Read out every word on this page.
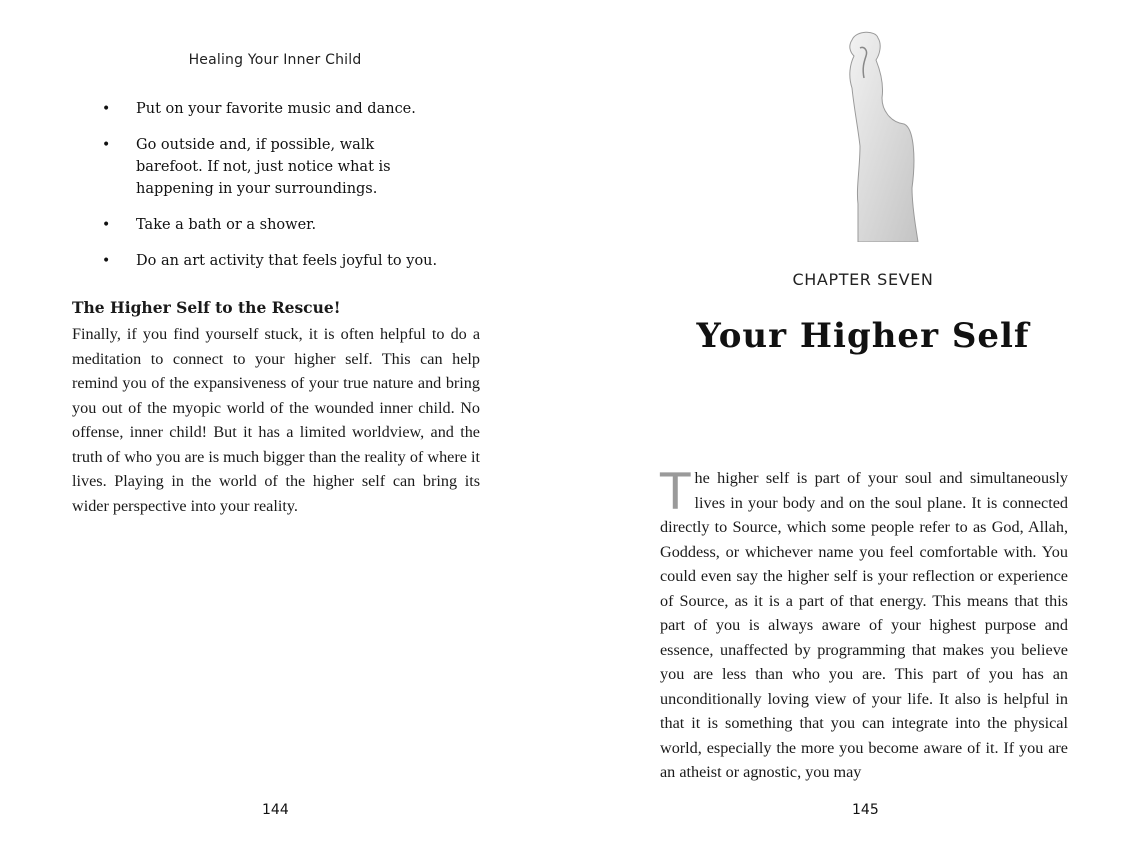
Healing Your Inner Child
• Put on your favorite music and dance.
• Go outside and, if possible, walk barefoot. If not, just notice what is happening in your surroundings.
• Take a bath or a shower.
• Do an art activity that feels joyful to you.
The Higher Self to the Rescue!

Finally, if you find yourself stuck, it is often helpful to do a meditation to connect to your higher self. This can help remind you of the expansiveness of your true nature and bring you out of the myopic world of the wounded inner child. No offense, inner child! But it has a limited worldview, and the truth of who you are is much bigger than the reality of where it lives. Playing in the world of the higher self can bring its wider perspective into your reality.

144
CHAPTER SEVEN
Your Higher Self

The higher self is part of your soul and simultaneously lives in your body and on the soul plane. It is connected directly to Source, which some people refer to as God, Allah, Goddess, or whichever name you feel comfortable with. You could even say the higher self is your reflection or experience of Source, as it is a part of that energy. This means that this part of you is always aware of your highest purpose and essence, unaffected by programming that makes you believe you are less than who you are. This part of you has an unconditionally loving view of your life. It also is helpful in that it is something that you can integrate into the physical world, especially the more you become aware of it. If you are an atheist or agnostic, you may

145
